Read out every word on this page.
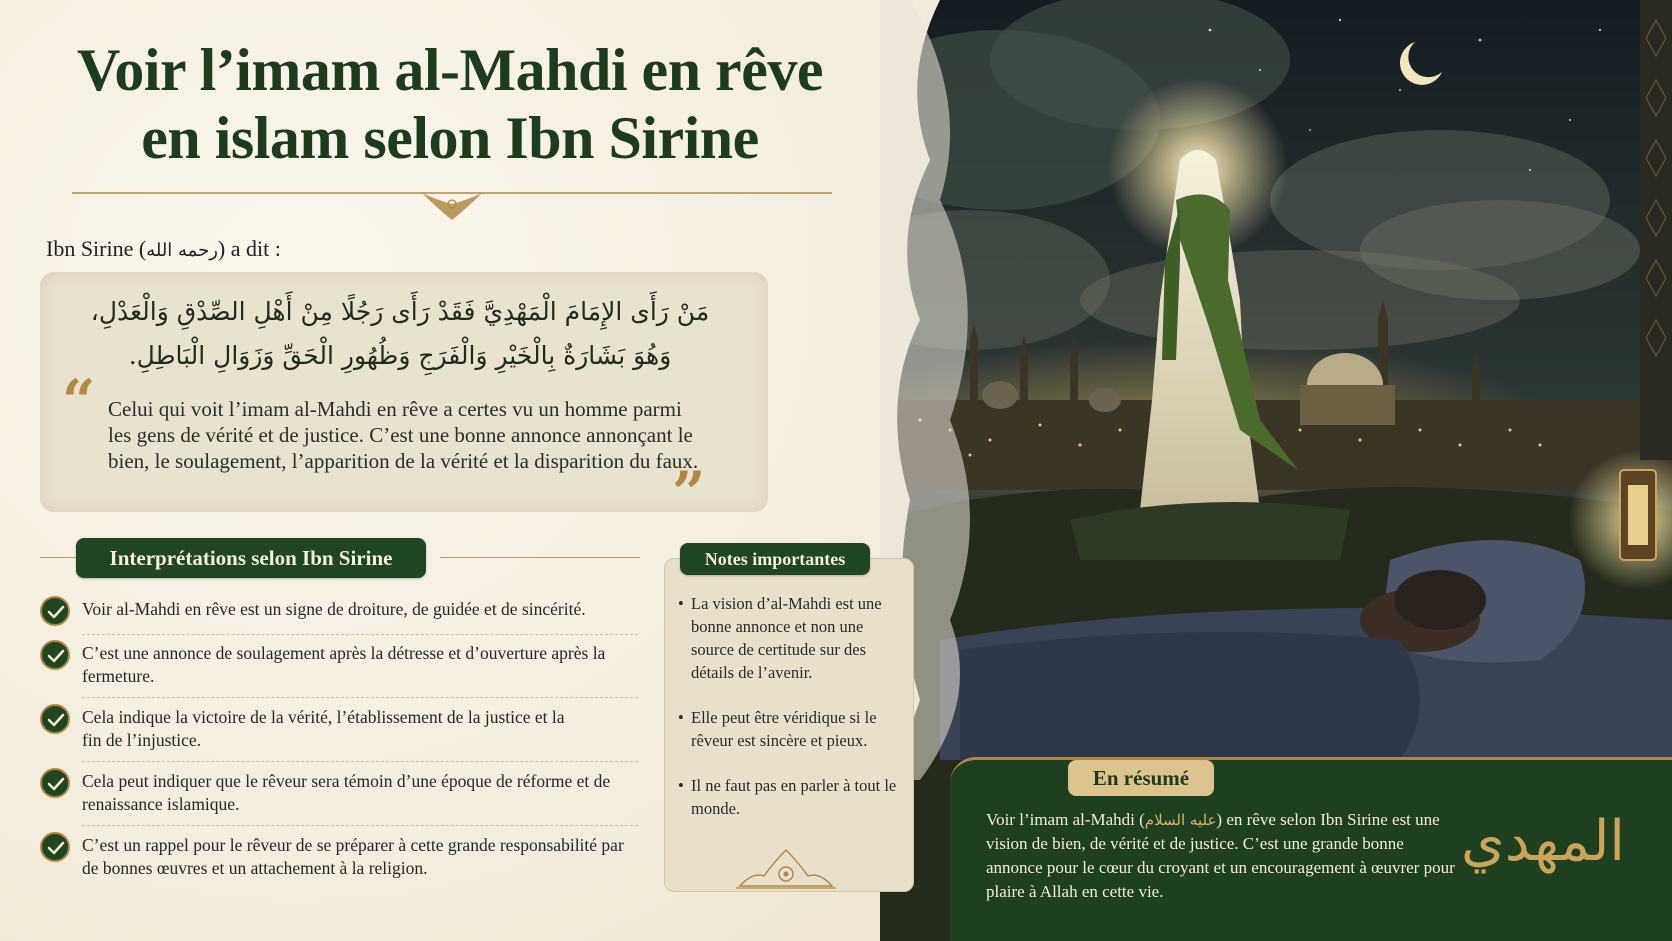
Voir l’imam al-Mahdi en rêve
en islam selon Ibn Sirine
Ibn Sirine (رحمه الله) a dit :
مَنْ رَأَى الإِمَامَ الْمَهْدِيَّ فَقَدْ رَأَى رَجُلًا مِنْ أَهْلِ الصِّدْقِ وَالْعَدْلِ،
وَهُوَ بَشَارَةٌ بِالْخَيْرِ وَالْفَرَجِ وَظُهُورِ الْحَقِّ وَزَوَالِ الْبَاطِلِ.
“ Celui qui voit l’imam al-Mahdi en rêve a certes vu un homme parmi les gens de vérité et de justice. C’est une bonne annonce annonçant le bien, le soulagement, l’apparition de la vérité et la disparition du faux.
”
Interprétations selon Ibn Sirine
Voir al-Mahdi en rêve est un signe de droiture, de guidée et de sincérité.
C’est une annonce de soulagement après la détresse et d’ouverture après la fermeture.
Cela indique la victoire de la vérité, l’établissement de la justice et la fin de l’injustice.
Cela peut indiquer que le rêveur sera témoin d’une époque de réforme et de renaissance islamique.
C’est un rappel pour le rêveur de se préparer à cette grande responsabilité par de bonnes œuvres et un attachement à la religion.
Notes importantes
• La vision d’al-Mahdi est une bonne annonce et non une source de certitude sur des détails de l’avenir.
• Elle peut être véridique si le rêveur est sincère et pieux.
• Il ne faut pas en parler à tout le monde.
En résumé
Voir l’imam al-Mahdi (عليه السلام) en rêve selon Ibn Sirine est une vision de bien, de vérité et de justice. C’est une grande bonne annonce pour le cœur du croyant et un encouragement à œuvrer pour plaire à Allah en cette vie.
المهدي
